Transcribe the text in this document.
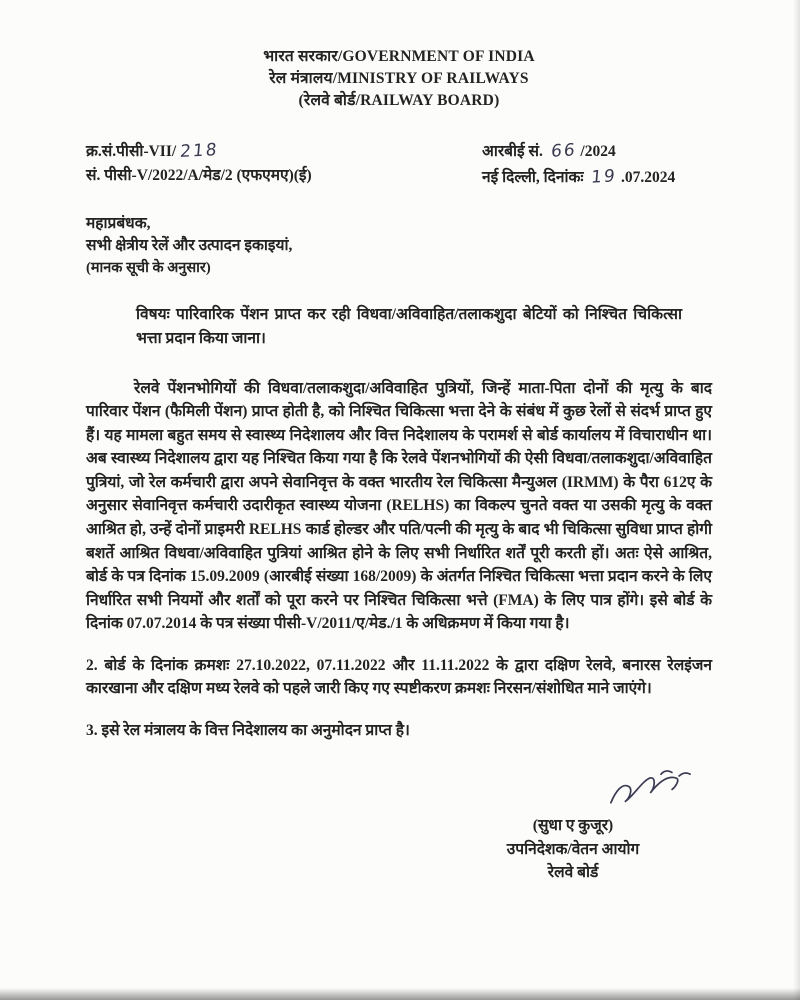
भारत सरकार/GOVERNMENT OF INDIA
रेल मंत्रालय/MINISTRY OF RAILWAYS
(रेलवे बोर्ड/RAILWAY BOARD)
क्र.सं.पीसी-VII/ 218
सं. पीसी-V/2022/A/मेड/2 (एफएमए)(ई)
आरबीई सं. 66 /2024
नई दिल्ली, दिनांकः 19 .07.2024
महाप्रबंधक,
सभी क्षेत्रीय रेलें और उत्पादन इकाइयां,
(मानक सूची के अनुसार)
विषयः पारिवारिक पेंशन प्राप्त कर रही विधवा/अविवाहित/तलाकशुदा बेटियों को निश्चित चिकित्सा भत्ता प्रदान किया जाना।

रेलवे पेंशनभोगियों की विधवा/तलाकशुदा/अविवाहित पुत्रियों, जिन्हें माता-पिता दोनों की मृत्यु के बाद पारिवार पेंशन (फैमिली पेंशन) प्राप्त होती है, को निश्चित चिकित्सा भत्ता देने के संबंध में कुछ रेलों से संदर्भ प्राप्त हुए हैं। यह मामला बहुत समय से स्वास्थ्य निदेशालय और वित्त निदेशालय के परामर्श से बोर्ड कार्यालय में विचाराधीन था। अब स्वास्थ्य निदेशालय द्वारा यह निश्चित किया गया है कि रेलवे पेंशनभोगियों की ऐसी विधवा/तलाकशुदा/अविवाहित पुत्रियां, जो रेल कर्मचारी द्वारा अपने सेवानिवृत्त के वक्त भारतीय रेल चिकित्सा मैन्युअल (IRMM) के पैरा 612ए के अनुसार सेवानिवृत्त कर्मचारी उदारीकृत स्वास्थ्य योजना (RELHS) का विकल्प चुनते वक्त या उसकी मृत्यु के वक्त आश्रित हो, उन्हें दोनों प्राइमरी RELHS कार्ड होल्डर और पति/पत्नी की मृत्यु के बाद भी चिकित्सा सुविधा प्राप्त होगी बशर्ते आश्रित विधवा/अविवाहित पुत्रियां आश्रित होने के लिए सभी निर्धारित शर्तें पूरी करती हों। अतः ऐसे आश्रित, बोर्ड के पत्र दिनांक 15.09.2009 (आरबीई संख्या 168/2009) के अंतर्गत निश्चित चिकित्सा भत्ता प्रदान करने के लिए निर्धारित सभी नियमों और शर्तों को पूरा करने पर निश्चित चिकित्सा भत्ते (FMA) के लिए पात्र होंगे। इसे बोर्ड के दिनांक 07.07.2014 के पत्र संख्या पीसी-V/2011/ए/मेड./1 के अधिक्रमण में किया गया है।

2. बोर्ड के दिनांक क्रमशः 27.10.2022, 07.11.2022 और 11.11.2022 के द्वारा दक्षिण रेलवे, बनारस रेलइंजन कारखाना और दक्षिण मध्य रेलवे को पहले जारी किए गए स्पष्टीकरण क्रमशः निरसन/संशोधित माने जाएंगे।

3. इसे रेल मंत्रालय के वित्त निदेशालय का अनुमोदन प्राप्त है।

(सुधा ए कुजूर)
उपनिदेशक/वेतन आयोग
रेलवे बोर्ड
